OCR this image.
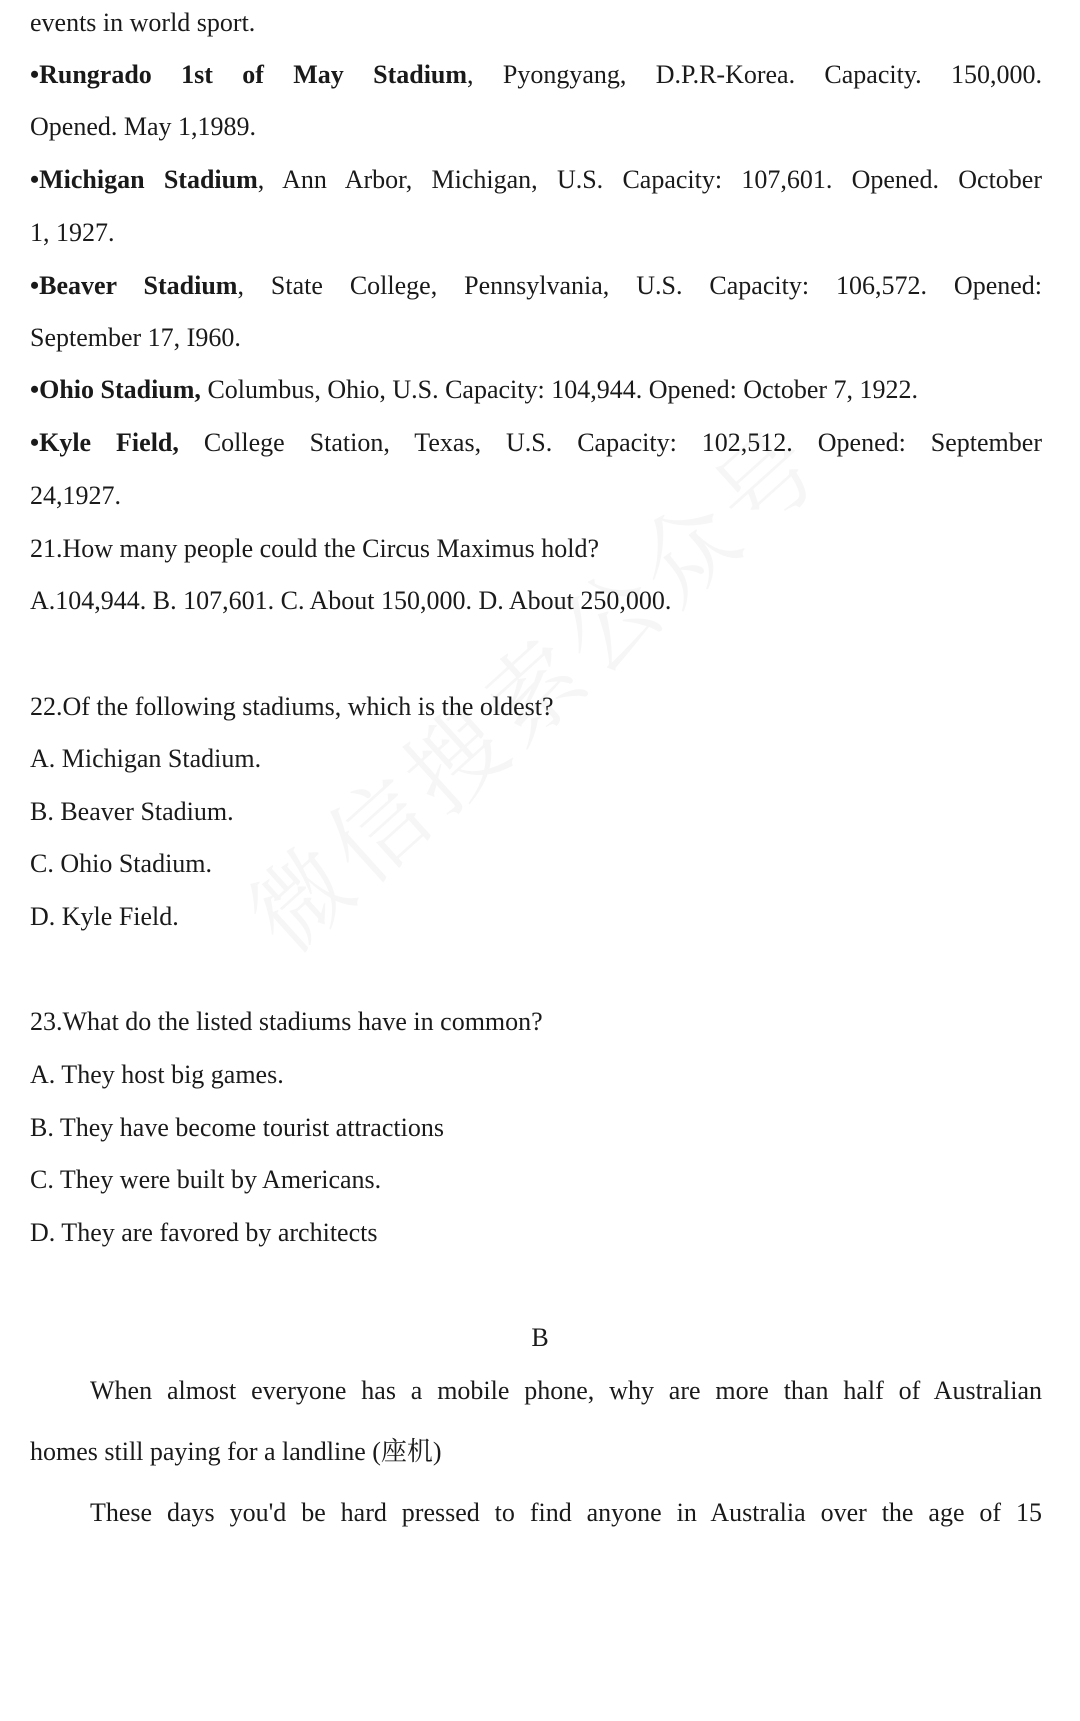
events in world sport.
•Rungrado 1st of May Stadium, Pyongyang, D.P.R-Korea. Capacity. 150,000.
Opened. May 1,1989.
•Michigan Stadium, Ann Arbor, Michigan, U.S. Capacity: 107,601. Opened. October
1, 1927.
•Beaver Stadium, State College, Pennsylvania, U.S. Capacity: 106,572. Opened:
September 17, I960.
•Ohio Stadium, Columbus, Ohio, U.S. Capacity: 104,944. Opened: October 7, 1922.
•Kyle Field, College Station, Texas, U.S. Capacity: 102,512. Opened: September
24,1927.
21.How many people could the Circus Maximus hold?
A.104,944. B. 107,601. C. About 150,000. D. About 250,000.
22.Of the following stadiums, which is the oldest?
A. Michigan Stadium.
B. Beaver Stadium.
C. Ohio Stadium.
D. Kyle Field.
23.What do the listed stadiums have in common?
A. They host big games.
B. They have become tourist attractions
C. They were built by Americans.
D. They are favored by architects
B
When almost everyone has a mobile phone, why are more than half of Australian
homes still paying for a landline (座机)
These days you'd be hard pressed to find anyone in Australia over the age of 15
